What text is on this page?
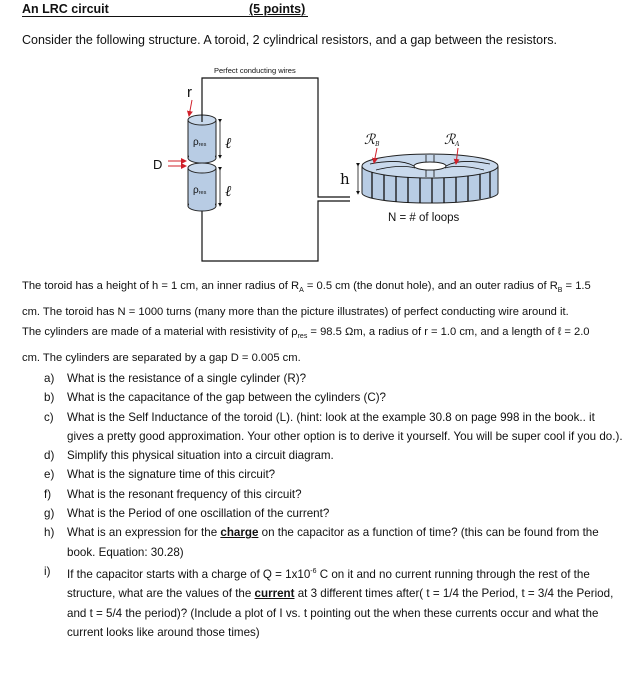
An LRC circuit	(5 points)
Consider the following structure. A toroid, 2 cylindrical resistors, and a gap between the resistors.
Perfect conducting wires
r
ρres
ρres
ℓ
ℓ
D
h
ℛB	ℛA
N = # of loops
The toroid has a height of h = 1 cm, an inner radius of $R_A = 0.5$ cm (the donut hole), and an outer radius of $R_B = 1.5$
cm. The toroid has N = 1000 turns (many more than the picture illustrates) of perfect conducting wire around it.
The cylinders are made of a material with resistivity of $\rho_{res} = 98.5$ Ωm, a radius of r = 1.0 cm, and a length of ℓ = 2.0
cm. The cylinders are separated by a gap D = 0.005 cm.
a) What is the resistance of a single cylinder (R)?
b) What is the capacitance of the gap between the cylinders (C)?
c) What is the Self Inductance of the toroid (L). (hint: look at the example 30.8 on page 998 in the book.. it gives a pretty good approximation. Your other option is to derive it yourself. You will be super cool if you do.).
d) Simplify this physical situation into a circuit diagram.
e) What is the signature time of this circuit?
f) What is the resonant frequency of this circuit?
g) What is the Period of one oscillation of the current?
h) What is an expression for the charge on the capacitor as a function of time? (this can be found from the book. Equation: 30.28)
i) If the capacitor starts with a charge of $Q = 1x10^{-6}$ C on it and no current running through the rest of the structure, what are the values of the current at 3 different times after( t = 1/4 the Period, t = 3/4 the Period, and t = 5/4 the period)? (Include a plot of I vs. t pointing out the when these currents occur and what the current looks like around those times)
